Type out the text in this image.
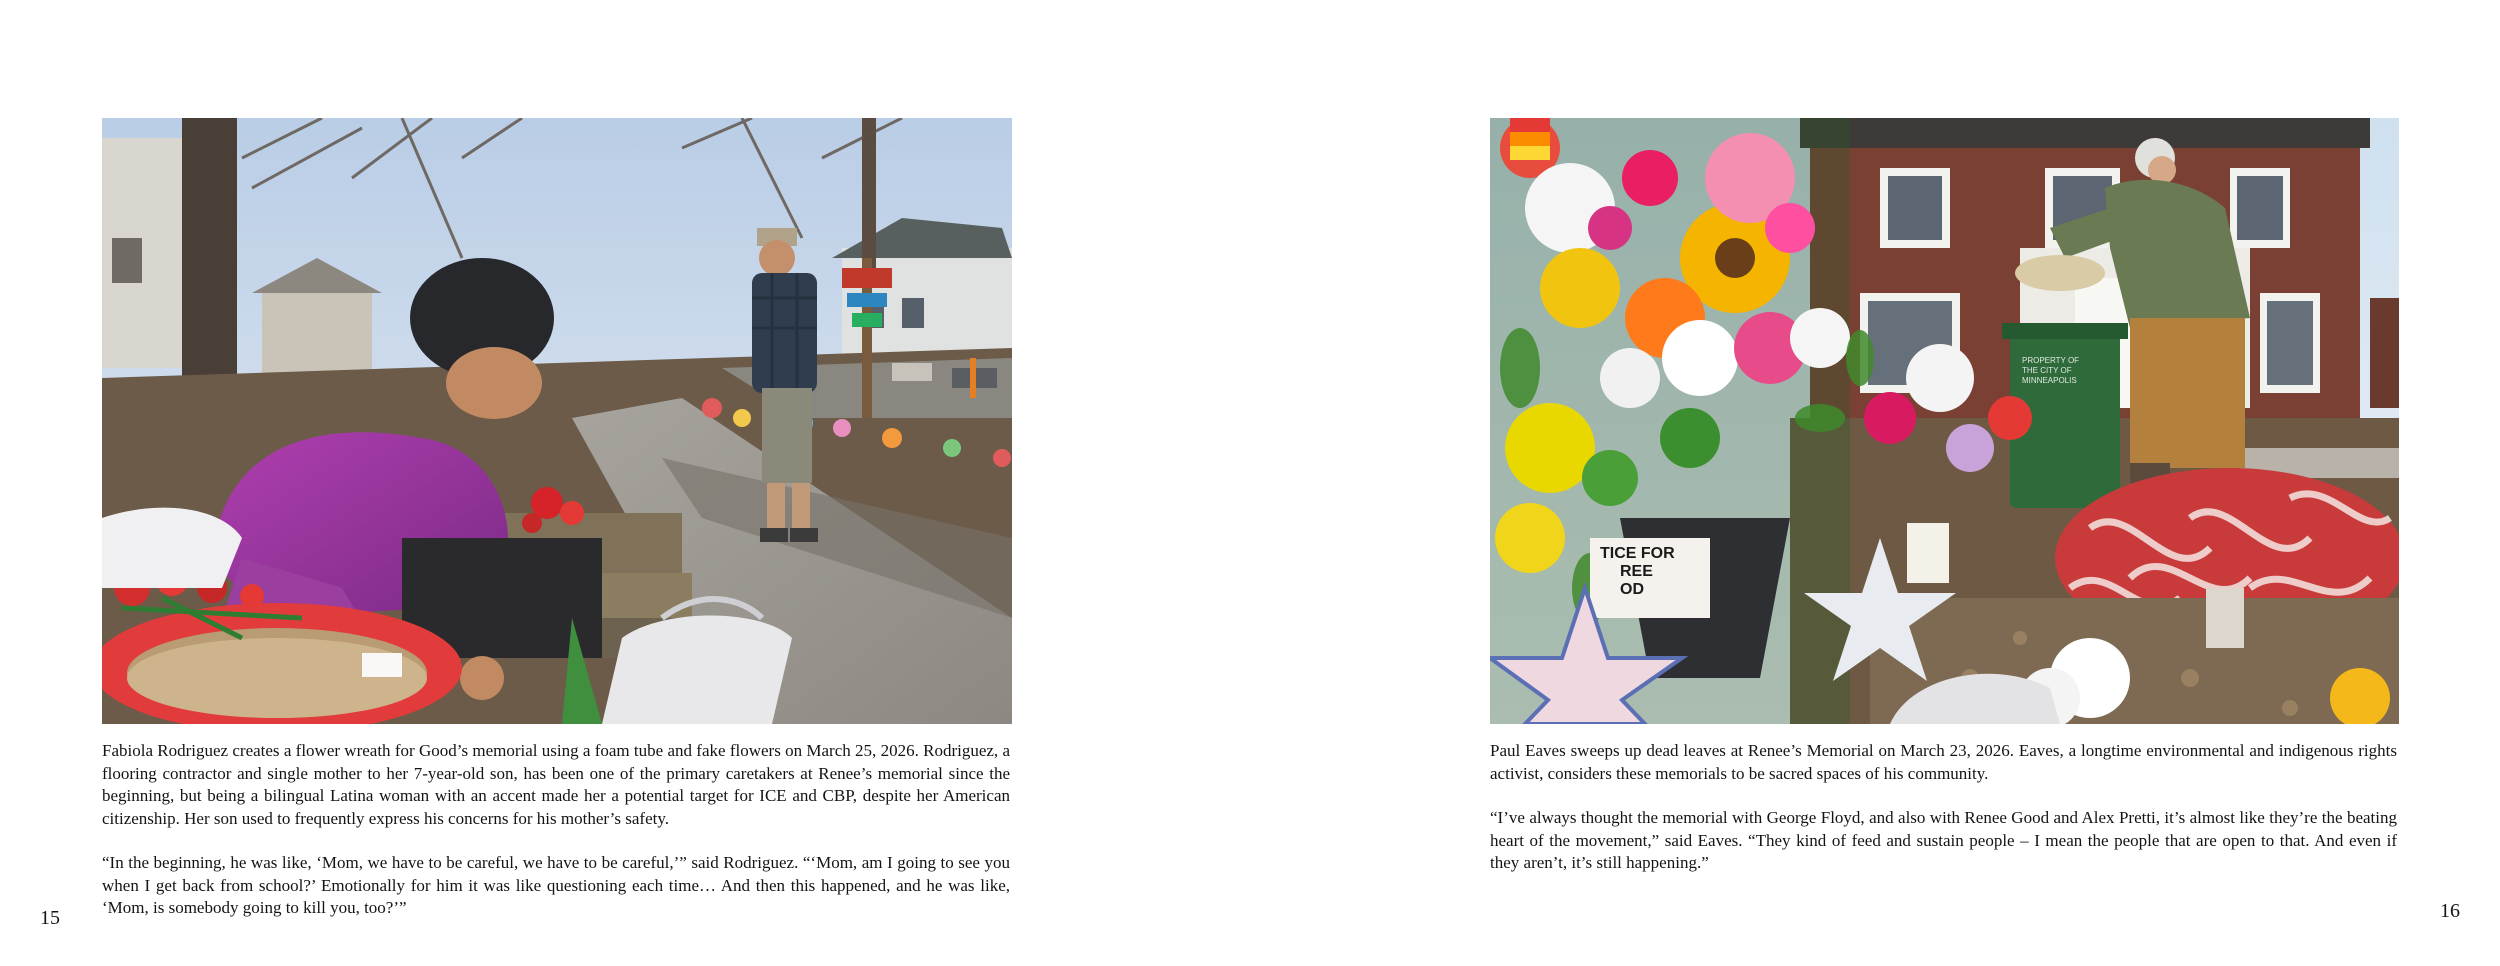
PROPERTY OF THE CITY OF MINNEAPOLIS
TICE FOR REE OD

Fabiola Rodriguez creates a flower wreath for Good’s memorial using a foam tube and fake flowers on March 25, 2026. Rodriguez, a flooring contractor and single mother to her 7-year-old son, has been one of the primary caretakers at Renee’s memorial since the beginning, but being a bilingual Latina woman with an accent made her a potential target for ICE and CBP, despite her American citizenship. Her son used to frequently express his concerns for his mother’s safety.

“In the beginning, he was like, ‘Mom, we have to be careful, we have to be careful,’” said Rodriguez. “‘Mom, am I going to see you when I get back from school?’ Emotionally for him it was like questioning each time… And then this happened, and he was like, ‘Mom, is somebody going to kill you, too?’”

Paul Eaves sweeps up dead leaves at Renee’s Memorial on March 23, 2026. Eaves, a longtime environmental and indigenous rights activist, considers these memorials to be sacred spaces of his community.

“I’ve always thought the memorial with George Floyd, and also with Renee Good and Alex Pretti, it’s almost like they’re the beating heart of the movement,” said Eaves. “They kind of feed and sustain people – I mean the people that are open to that. And even if they aren’t, it’s still happening.”

15	16
